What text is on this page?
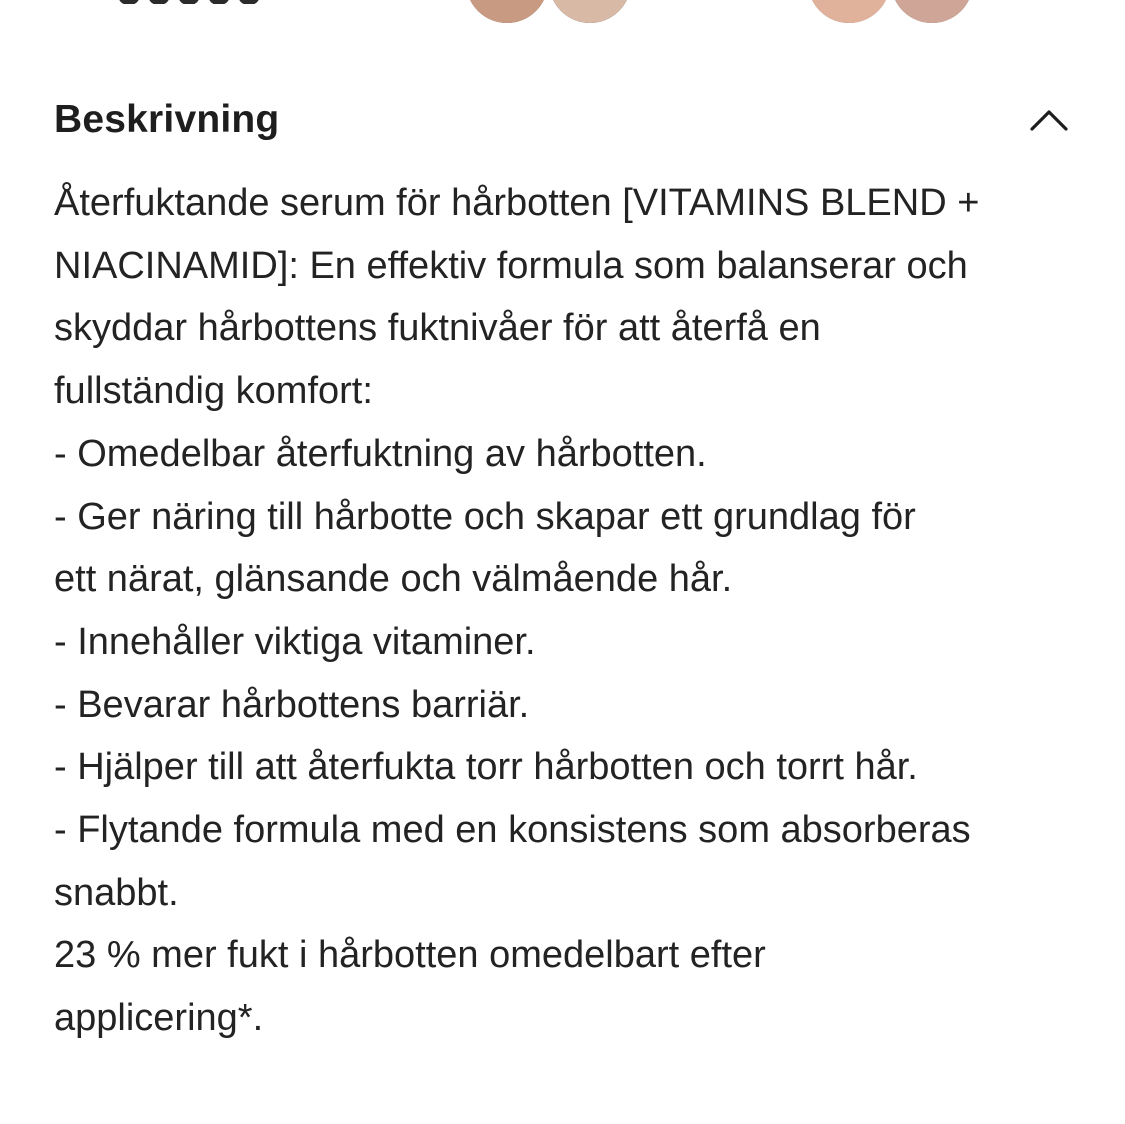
Beskrivning

Återfuktande serum för hårbotten [VITAMINS BLEND +

NIACINAMID]: En effektiv formula som balanserar och

skyddar hårbottens fuktnivåer för att återfå en

fullständig komfort:

- Omedelbar återfuktning av hårbotten.

- Ger näring till hårbotte och skapar ett grundlag för

ett närat, glänsande och välmående hår.

- Innehåller viktiga vitaminer.

- Bevarar hårbottens barriär.

- Hjälper till att återfukta torr hårbotten och torrt hår.

- Flytande formula med en konsistens som absorberas

snabbt.

23 % mer fukt i hårbotten omedelbart efter

applicering*.
